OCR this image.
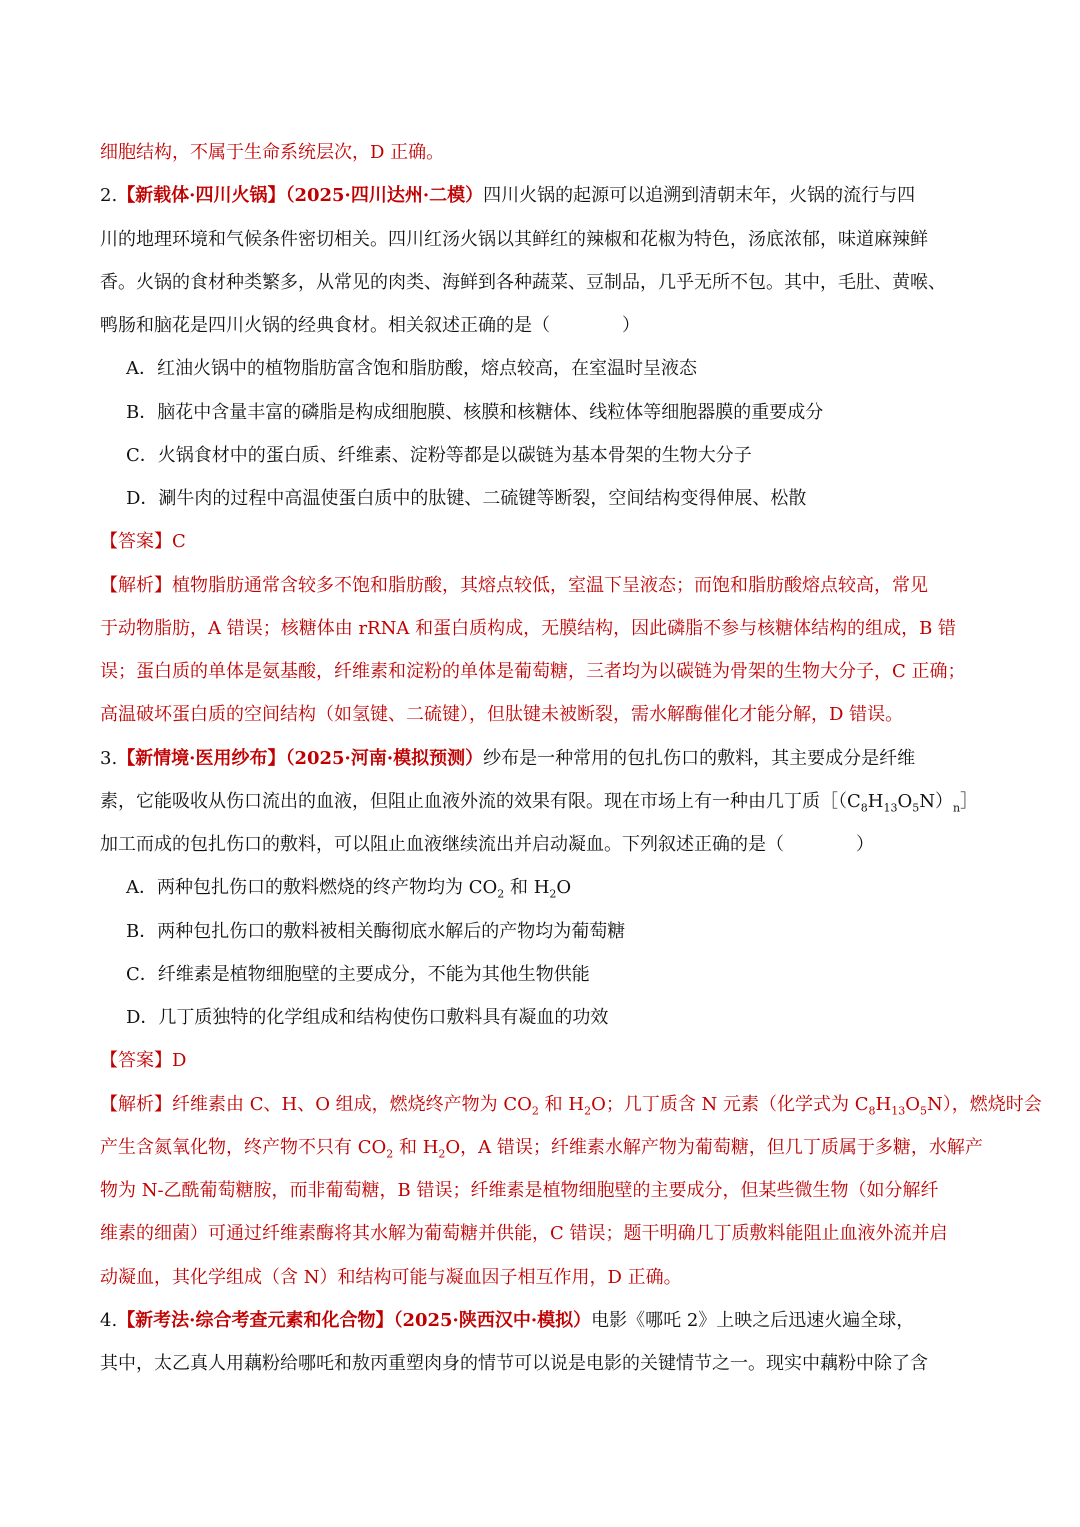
细胞结构，不属于生命系统层次，D 正确。
2.【新载体·四川火锅】（2025·四川达州·二模）四川火锅的起源可以追溯到清朝末年，火锅的流行与四
川的地理环境和气候条件密切相关。四川红汤火锅以其鲜红的辣椒和花椒为特色，汤底浓郁，味道麻辣鲜
香。火锅的食材种类繁多，从常见的肉类、海鲜到各种蔬菜、豆制品，几乎无所不包。其中，毛肚、黄喉、
鸭肠和脑花是四川火锅的经典食材。相关叙述正确的是（　　　　）
A．红油火锅中的植物脂肪富含饱和脂肪酸，熔点较高，在室温时呈液态
B．脑花中含量丰富的磷脂是构成细胞膜、核膜和核糖体、线粒体等细胞器膜的重要成分
C．火锅食材中的蛋白质、纤维素、淀粉等都是以碳链为基本骨架的生物大分子
D．涮牛肉的过程中高温使蛋白质中的肽键、二硫键等断裂，空间结构变得伸展、松散
【答案】C
【解析】植物脂肪通常含较多不饱和脂肪酸，其熔点较低，室温下呈液态；而饱和脂肪酸熔点较高，常见
于动物脂肪，A 错误；核糖体由 rRNA 和蛋白质构成，无膜结构，因此磷脂不参与核糖体结构的组成，B 错
误；蛋白质的单体是氨基酸，纤维素和淀粉的单体是葡萄糖，三者均为以碳链为骨架的生物大分子，C 正确；
高温破坏蛋白质的空间结构（如氢键、二硫键），但肽键未被断裂，需水解酶催化才能分解，D 错误。
3.【新情境·医用纱布】（2025·河南·模拟预测）纱布是一种常用的包扎伤口的敷料，其主要成分是纤维
素，它能吸收从伤口流出的血液，但阻止血液外流的效果有限。现在市场上有一种由几丁质$[(C_8H_{13}O_5N)_n]$
加工而成的包扎伤口的敷料，可以阻止血液继续流出并启动凝血。下列叙述正确的是（　　　　）
A．两种包扎伤口的敷料燃烧的终产物均为 $CO_2$ 和 $H_2O$
B．两种包扎伤口的敷料被相关酶彻底水解后的产物均为葡萄糖
C．纤维素是植物细胞壁的主要成分，不能为其他生物供能
D．几丁质独特的化学组成和结构使伤口敷料具有凝血的功效
【答案】D
【解析】纤维素由 C、H、O 组成，燃烧终产物为 $CO_2$ 和 $H_2O$；几丁质含 N 元素（化学式为 $C_8H_{13}O_5N$），燃烧时会
产生含氮氧化物，终产物不只有 $CO_2$ 和 $H_2O$，A 错误；纤维素水解产物为葡萄糖，但几丁质属于多糖，水解产
物为 N-乙酰葡萄糖胺，而非葡萄糖，B 错误；纤维素是植物细胞壁的主要成分，但某些微生物（如分解纤
维素的细菌）可通过纤维素酶将其水解为葡萄糖并供能，C 错误；题干明确几丁质敷料能阻止血液外流并启
动凝血，其化学组成（含 N）和结构可能与凝血因子相互作用，D 正确。
4.【新考法·综合考查元素和化合物】（2025·陕西汉中·模拟）电影《哪吒 2》上映之后迅速火遍全球，
其中，太乙真人用藕粉给哪吒和敖丙重塑肉身的情节可以说是电影的关键情节之一。现实中藕粉中除了含
